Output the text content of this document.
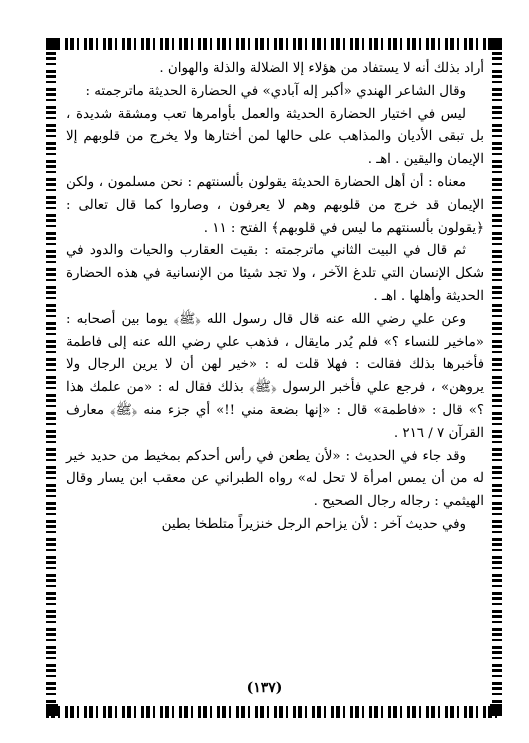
أراد بذلك أنه لا يستفاد من هؤلاء إلا الضلالة والذلة والهوان .

وقال الشاعر الهندي «أكبر إله آبادي» في الحضارة الحديثة ماترجمته :

ليس في اختيار الحضارة الحديثة والعمل بأوامرها تعب ومشقة شديدة ، بل تبقى الأديان والمذاهب على حالها لمن أختارها ولا يخرج من قلوبهم إلا الإيمان واليقين . اهـ .

معناه : أن أهل الحضارة الحديثة يقولون بألسنتهم : نحن مسلمون ، ولكن الإيمان قد خرج من قلوبهم وهم لا يعرفون ، وصاروا كما قال تعالى : ﴿يقولون بألسنتهم ما ليس في قلوبهم﴾ الفتح : ١١ .

ثم قال في البيت الثاني ماترجمته : بقيت العقارب والحيات والدود في شكل الإنسان التي تلدغ الآخر ، ولا تجد شيئا من الإنسانية في هذه الحضارة الحديثة وأهلها . اهـ .

وعن علي رضي الله عنه قال قال رسول الله ﴿ﷺ﴾ يوما بين أصحابه : «ماخير للنساء ؟» فلم يُدر مايقال ، فذهب علي رضي الله عنه إلى فاطمة فأخبرها بذلك فقالت : فهلا قلت له : «خير لهن أن لا يرين الرجال ولا يروهن» ، فرجع علي فأخبر الرسول ﴿ﷺ﴾ بذلك فقال له : «من علمك هذا ؟» قال : «فاطمة» قال : «إنها بضعة مني !!» أي جزء منه ﴿ﷺ﴾ معارف القرآن ٧ / ٢١٦ .

وقد جاء في الحديث : «لأن يطعن في رأس أحدكم بمخيط من حديد خير له من أن يمس امرأة لا تحل له» رواه الطبراني عن معقب ابن يسار وقال الهيثمي : رجاله رجال الصحيح .

وفي حديث آخر : لأن يزاحم الرجل خنزيراً متلطخا بطين

(١٣٧)
